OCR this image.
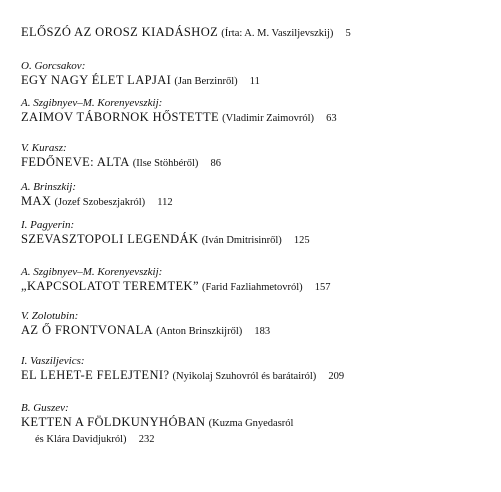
ELŐSZÓ AZ OROSZ KIADÁSHOZ (Írta: A. M. Vasziljevszkij) 5
O. Gorcsakov:
EGY NAGY ÉLET LAPJAI (Jan Berzinről) 11
A. Szgibnyev–M. Korenyevszkij:
ZAIMOV TÁBORNOK HŐSTETTE (Vladimir Zaimovról) 63
V. Kurasz:
FEDŐNEVE: ALTA (Ilse Stöhbéről) 86
A. Brinszkij:
MAX (Jozef Szobeszjakról) 112
I. Pagyerin:
SZEVASZTOPOLI LEGENDÁK (Iván Dmitrisinről) 125
A. Szgibnyev–M. Korenyevszkij:
„KAPCSOLATOT TEREMTEK” (Farid Fazliahmetovról) 157
V. Zolotubin:
AZ Ő FRONTVONALA (Anton Brinszkijről) 183
I. Vasziljevics:
EL LEHET-E FELEJTENI? (Nyikolaj Szuhovról és barátairól) 209
B. Guszev:
KETTEN A FÖLDKUNYHÓBAN (Kuzma Gnyedasról
és Klára Davidjukról) 232
